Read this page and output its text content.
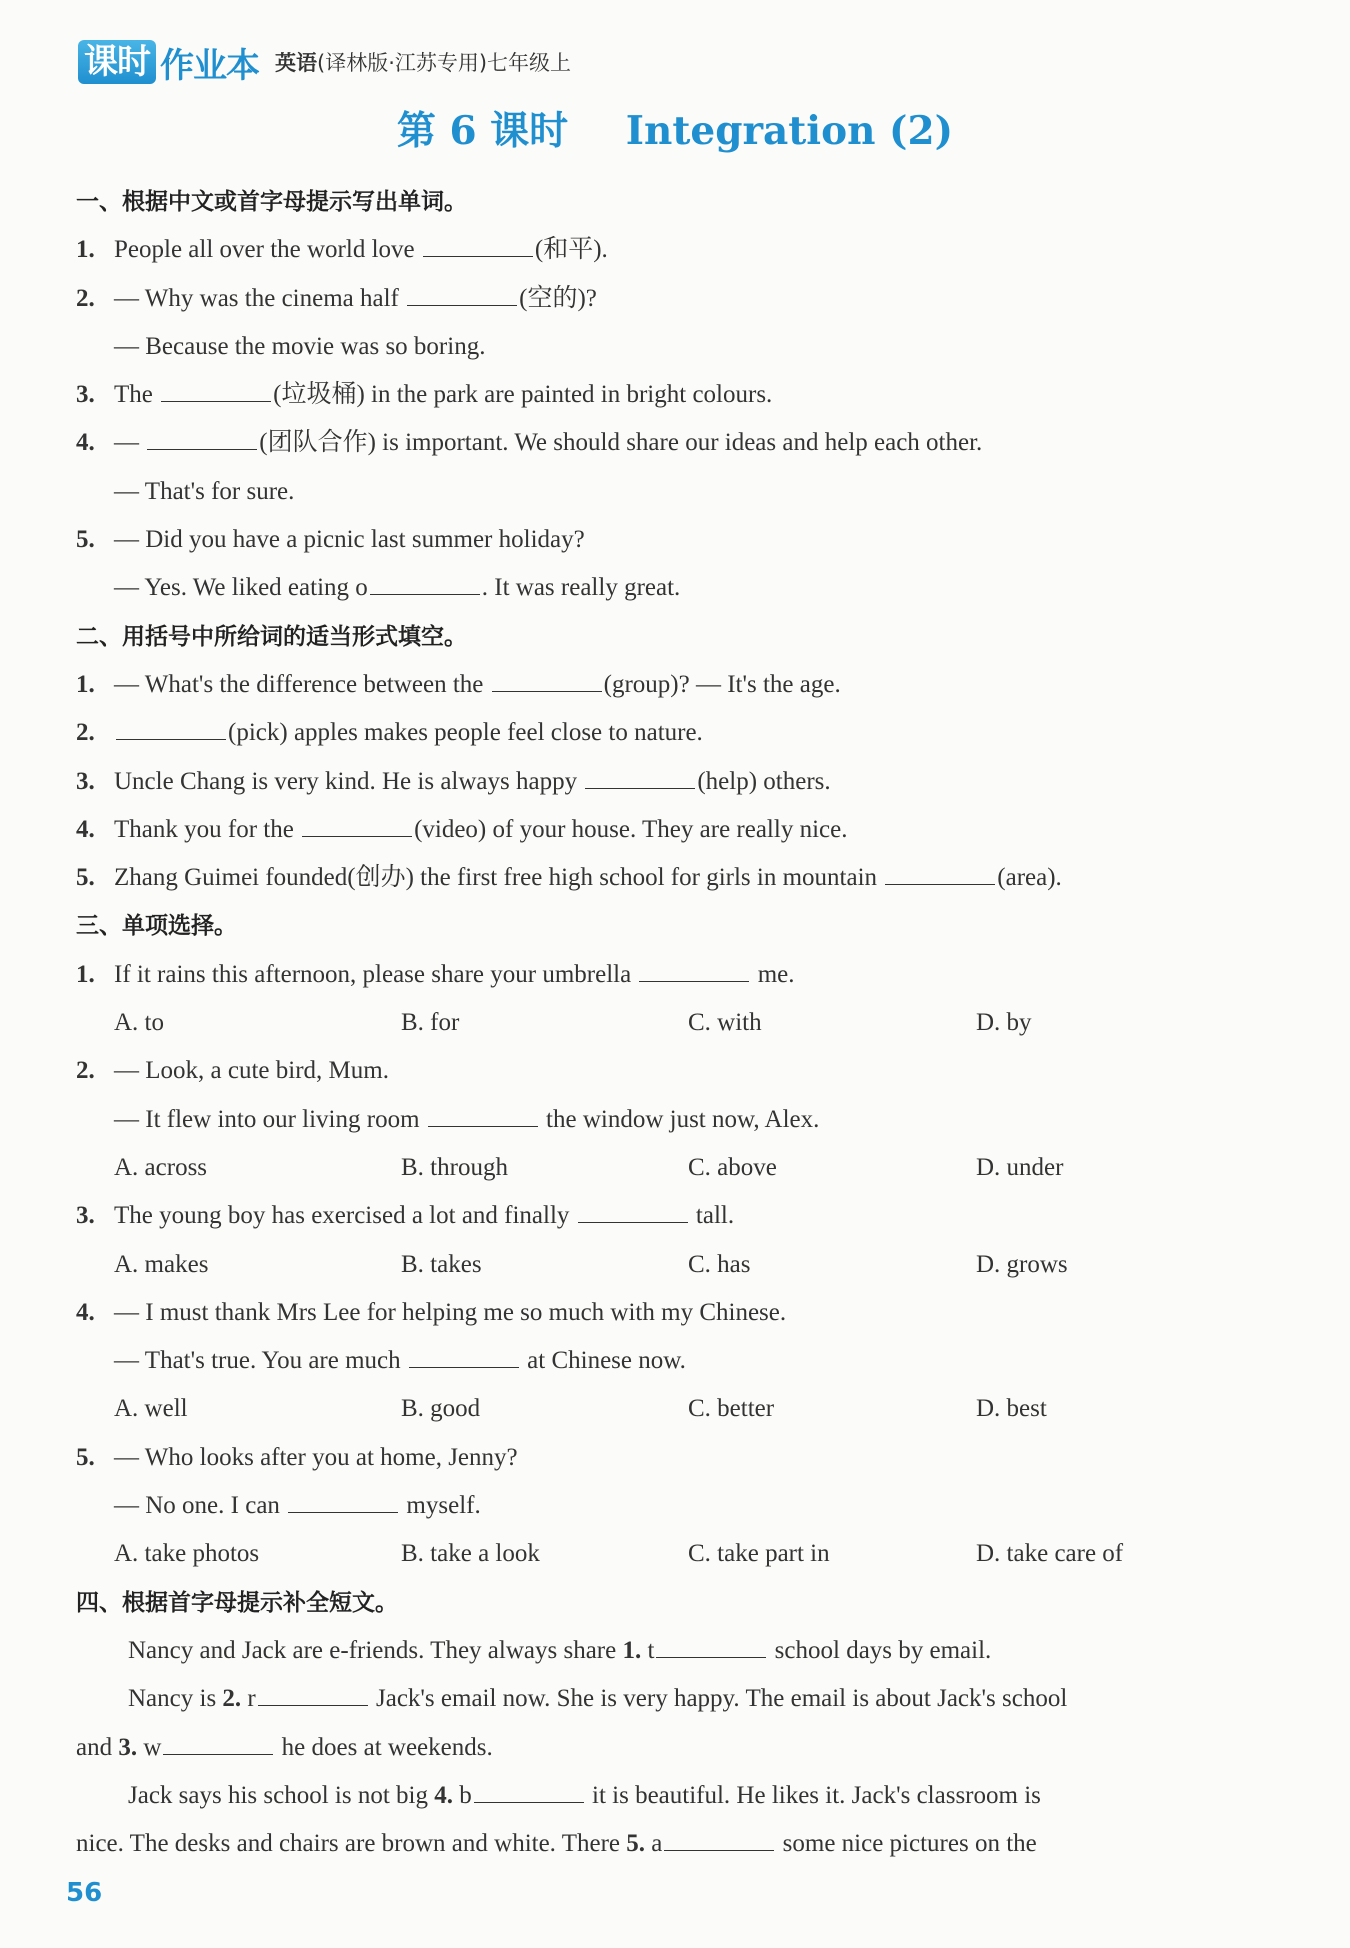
课时 作业本 英语(译林版·江苏专用)七年级上
第 6 课时 Integration (2)
一、根据中文或首字母提示写出单词。
1. People all over the world love	(和平).
2. — Why was the cinema half	(空的)?
— Because the movie was so boring.
3. The	(垃圾桶) in the park are painted in bright colours.
4. —	(团队合作) is important. We should share our ideas and help each other.
— That's for sure.
5. — Did you have a picnic last summer holiday?
— Yes. We liked eating o	. It was really great.
二、用括号中所给词的适当形式填空。
1. — What's the difference between the	(group)? — It's the age.
2.	(pick) apples makes people feel close to nature.
3. Uncle Chang is very kind. He is always happy	(help) others.
4. Thank you for the	(video) of your house. They are really nice.
5. Zhang Guimei founded(创办) the first free high school for girls in mountain	(area).
三、单项选择。
1. If it rains this afternoon, please share your umbrella	me.
A. to	B. for	C. with	D. by
2. — Look, a cute bird, Mum.
— It flew into our living room	the window just now, Alex.
A. across	B. through	C. above	D. under
3. The young boy has exercised a lot and finally	tall.
A. makes	B. takes	C. has	D. grows
4. — I must thank Mrs Lee for helping me so much with my Chinese.
— That's true. You are much	at Chinese now.
A. well	B. good	C. better	D. best
5. — Who looks after you at home, Jenny?
— No one. I can	myself.
A. take photos	B. take a look	C. take part in	D. take care of
四、根据首字母提示补全短文。
Nancy and Jack are e-friends. They always share 1. t	school days by email.
Nancy is 2. r	Jack's email now. She is very happy. The email is about Jack's school
and 3. w	he does at weekends.
Jack says his school is not big 4. b	it is beautiful. He likes it. Jack's classroom is
nice. The desks and chairs are brown and white. There 5. a	some nice pictures on the
56
